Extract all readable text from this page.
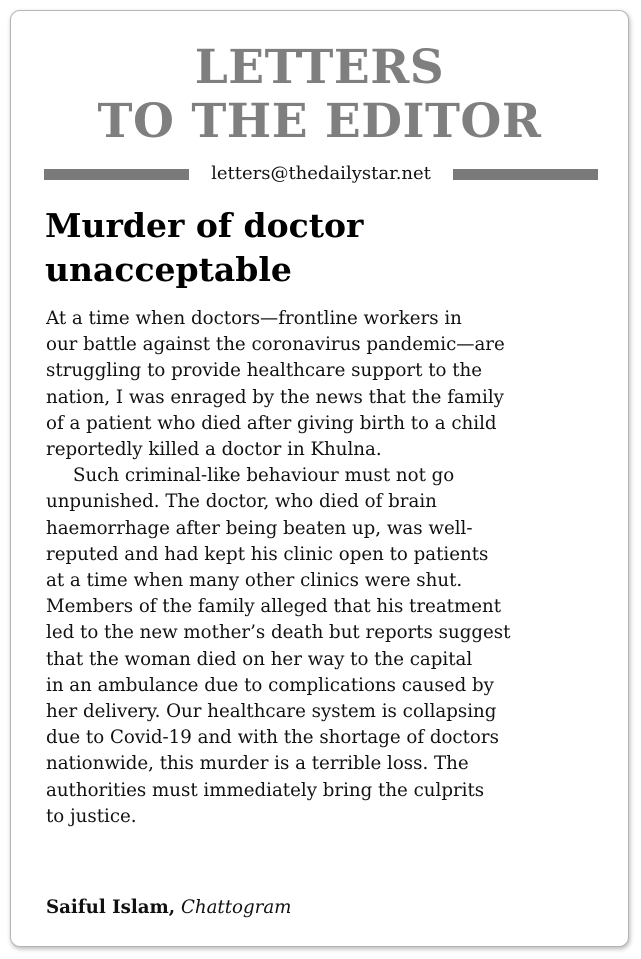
LETTERS
TO THE EDITOR
letters@thedailystar.net
Murder of doctor
unacceptable
At a time when doctors—frontline workers in
our battle against the coronavirus pandemic—are
struggling to provide healthcare support to the
nation, I was enraged by the news that the family
of a patient who died after giving birth to a child
reportedly killed a doctor in Khulna.
Such criminal-like behaviour must not go
unpunished. The doctor, who died of brain
haemorrhage after being beaten up, was well-
reputed and had kept his clinic open to patients
at a time when many other clinics were shut.
Members of the family alleged that his treatment
led to the new mother’s death but reports suggest
that the woman died on her way to the capital
in an ambulance due to complications caused by
her delivery. Our healthcare system is collapsing
due to Covid-19 and with the shortage of doctors
nationwide, this murder is a terrible loss. The
authorities must immediately bring the culprits
to justice.
Saiful Islam, Chattogram
